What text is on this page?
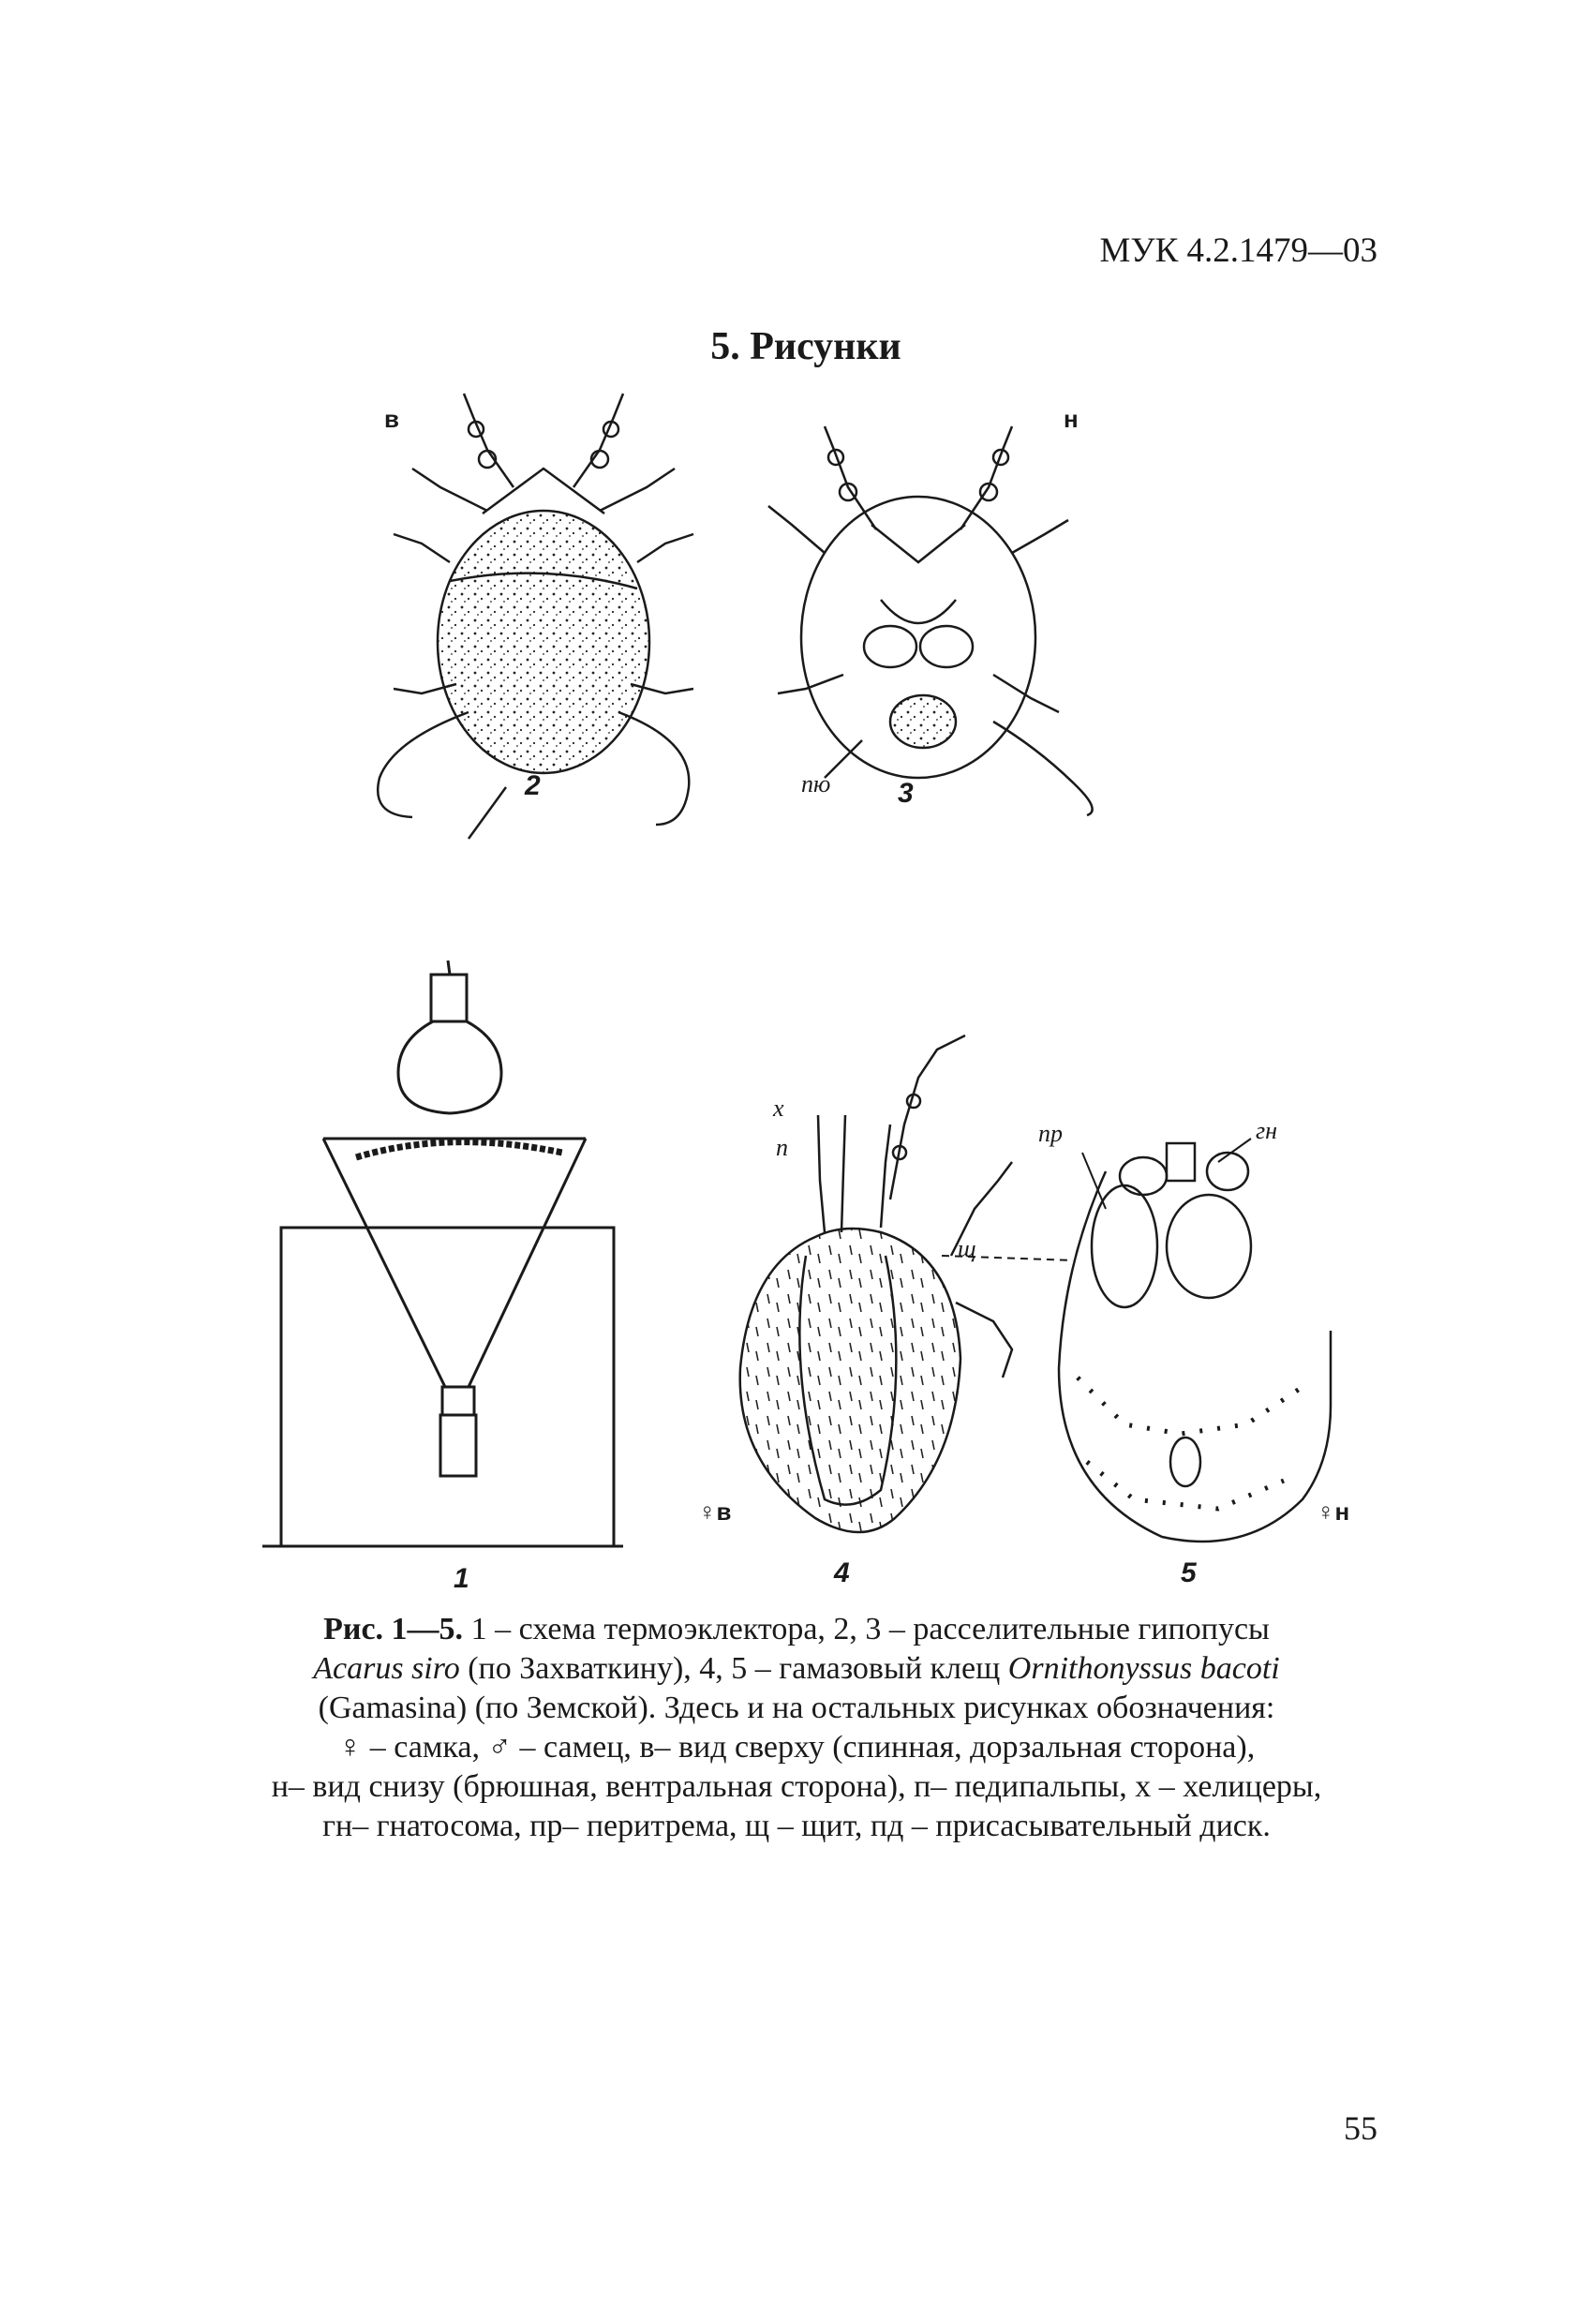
МУК 4.2.1479—03
5. Рисунки
в
2
н
пю 3
1
х
п
щ
♀в
4
пр	гн
♀н
5
Рис. 1—5. 1 – схема термоэклектора, 2, 3 – расселительные гипопусы
Acarus siro (по Захваткину), 4, 5 – гамазовый клещ Ornithonyssus bacoti
(Gamasina) (по Земской). Здесь и на остальных рисунках обозначения:
♀ – самка, ♂ – самец, в– вид сверху (спинная, дорзальная сторона),
н– вид снизу (брюшная, вентральная сторона), п– педипальпы, х – хелицеры,
гн– гнатосома, пр– перитрема, щ – щит, пд – присасывательный диск.
55
